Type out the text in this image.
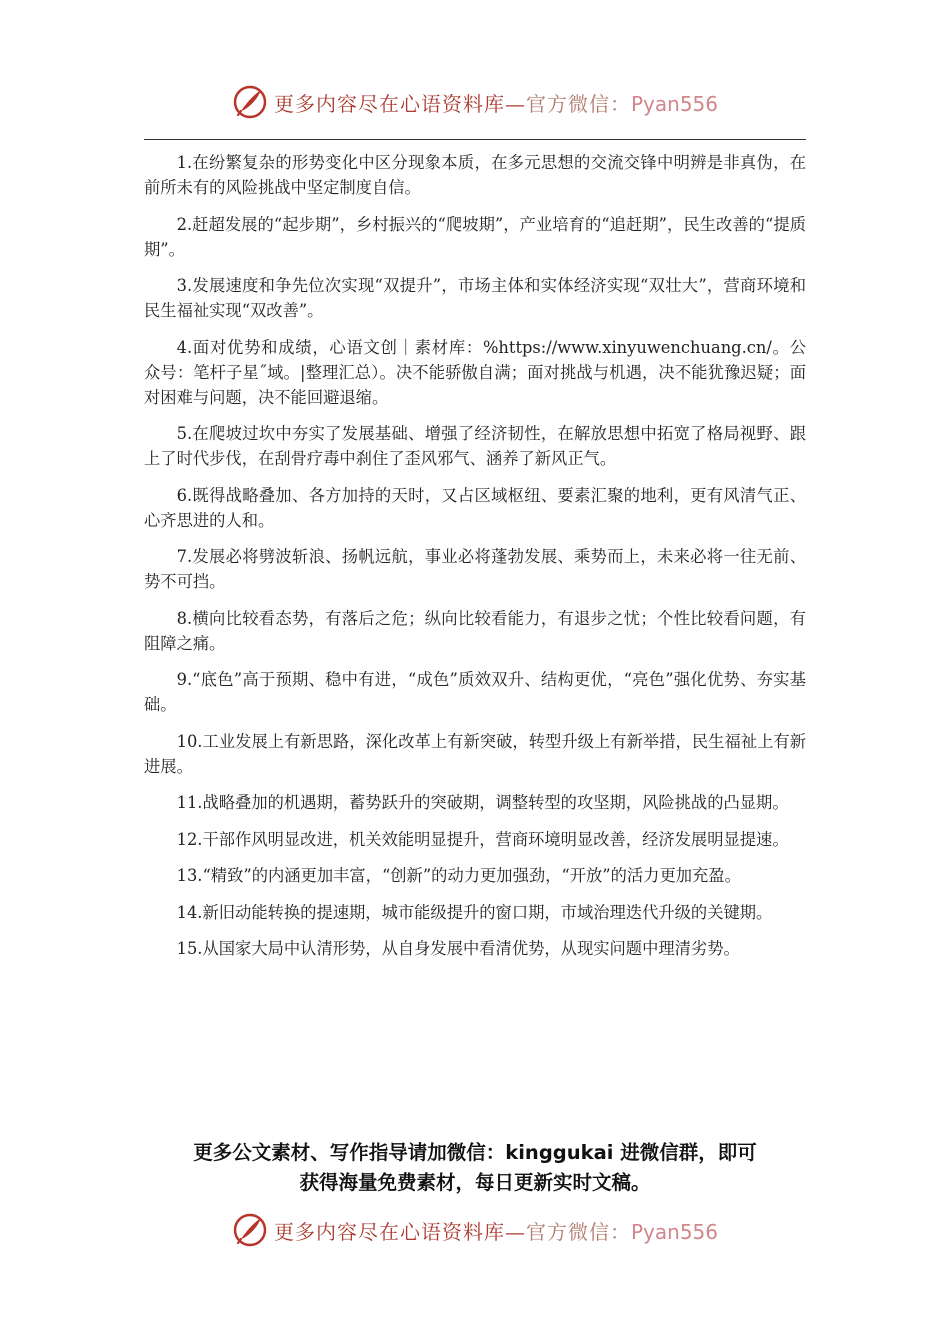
更多内容尽在心语资料库—官方微信：Pyan556

1.在纷繁复杂的形势变化中区分现象本质，在多元思想的交流交锋中明辨是非真伪，在前所未有的风险挑战中坚定制度自信。

2.赶超发展的“起步期”，乡村振兴的“爬坡期”，产业培育的“追赶期”，民生改善的“提质期”。

3.发展速度和争先位次实现“双提升”，市场主体和实体经济实现“双壮大”，营商环境和民生福祉实现“双改善”。

4.面对优势和成绩，心语文创｜素材库：%https://www.xinyuwenchuang.cn/。公众号：笔杆子星˝域。|整理汇总）。决不能骄傲自满；面对挑战与机遇，决不能犹豫迟疑；面对困难与问题，决不能回避退缩。

5.在爬坡过坎中夯实了发展基础、增强了经济韧性，在解放思想中拓宽了格局视野、跟上了时代步伐，在刮骨疗毒中刹住了歪风邪气、涵养了新风正气。

6.既得战略叠加、各方加持的天时，又占区域枢纽、要素汇聚的地利，更有风清气正、心齐思进的人和。

7.发展必将劈波斩浪、扬帆远航，事业必将蓬勃发展、乘势而上，未来必将一往无前、势不可挡。

8.横向比较看态势，有落后之危；纵向比较看能力，有退步之忧；个性比较看问题，有阻障之痛。

9.“底色”高于预期、稳中有进，“成色”质效双升、结构更优，“亮色”强化优势、夯实基础。

10.工业发展上有新思路，深化改革上有新突破，转型升级上有新举措，民生福祉上有新进展。

11.战略叠加的机遇期，蓄势跃升的突破期，调整转型的攻坚期，风险挑战的凸显期。

12.干部作风明显改进，机关效能明显提升，营商环境明显改善，经济发展明显提速。

13.“精致”的内涵更加丰富，“创新”的动力更加强劲，“开放”的活力更加充盈。

14.新旧动能转换的提速期，城市能级提升的窗口期，市域治理迭代升级的关键期。

15.从国家大局中认清形势，从自身发展中看清优势，从现实问题中理清劣势。

更多公文素材、写作指导请加微信：kinggukai 进微信群，即可
获得海量免费素材，每日更新实时文稿。
更多内容尽在心语资料库—官方微信：Pyan556
